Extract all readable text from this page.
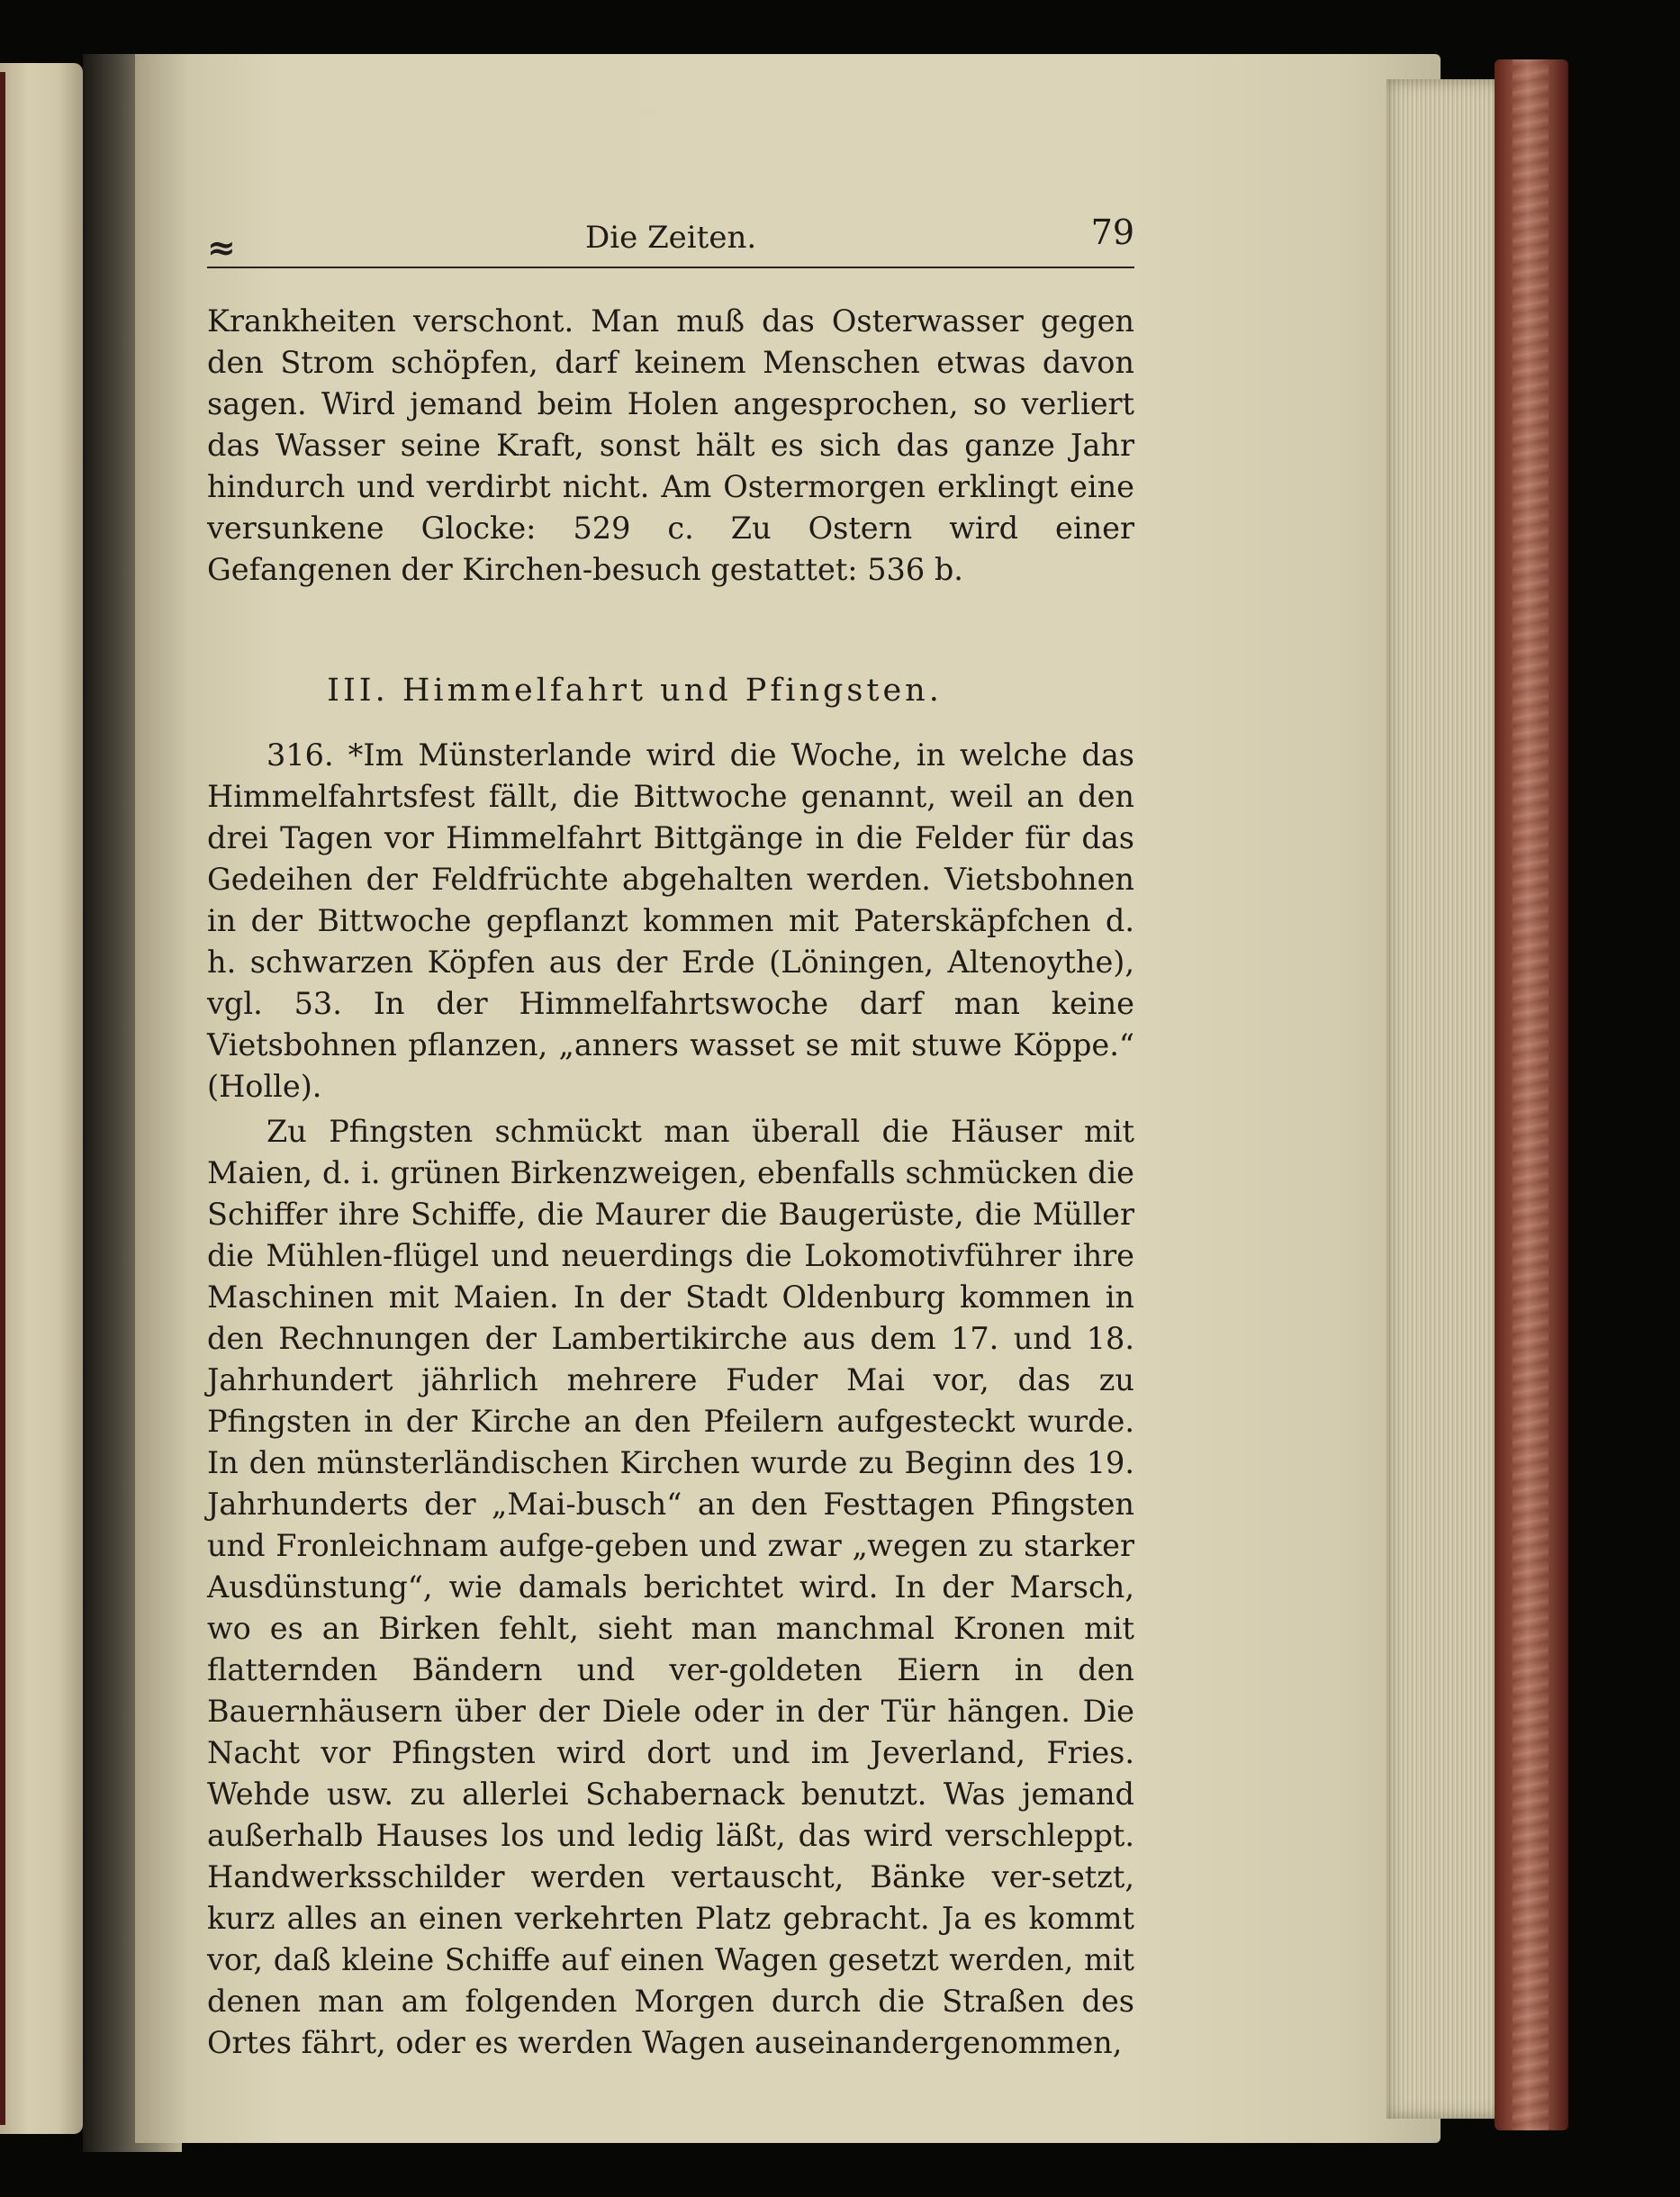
≈	Die Zeiten.	79

Krankheiten verschont. Man muß das Osterwasser gegen den Strom schöpfen, darf keinem Menschen etwas davon sagen. Wird jemand beim Holen angesprochen, so verliert das Wasser seine Kraft, sonst hält es sich das ganze Jahr hindurch und verdirbt nicht. Am Ostermorgen erklingt eine versunkene Glocke: 529 c. Zu Ostern wird einer Gefangenen der Kirchen-besuch gestattet: 536 b.

III. Himmelfahrt und Pfingsten.

316. *Im Münsterlande wird die Woche, in welche das Himmelfahrtsfest fällt, die Bittwoche genannt, weil an den drei Tagen vor Himmelfahrt Bittgänge in die Felder für das Gedeihen der Feldfrüchte abgehalten werden. Vietsbohnen in der Bittwoche gepflanzt kommen mit Paterskäpfchen d. h. schwarzen Köpfen aus der Erde (Löningen, Altenoythe), vgl. 53. In der Himmelfahrtswoche darf man keine Vietsbohnen pflanzen, „anners wasset se mit stuwe Köppe.“ (Holle).

Zu Pfingsten schmückt man überall die Häuser mit Maien, d. i. grünen Birkenzweigen, ebenfalls schmücken die Schiffer ihre Schiffe, die Maurer die Baugerüste, die Müller die Mühlen-flügel und neuerdings die Lokomotivführer ihre Maschinen mit Maien. In der Stadt Oldenburg kommen in den Rechnungen der Lambertikirche aus dem 17. und 18. Jahrhundert jährlich mehrere Fuder Mai vor, das zu Pfingsten in der Kirche an den Pfeilern aufgesteckt wurde. In den münsterländischen Kirchen wurde zu Beginn des 19. Jahrhunderts der „Mai-busch“ an den Festtagen Pfingsten und Fronleichnam aufge-geben und zwar „wegen zu starker Ausdünstung“, wie damals berichtet wird. In der Marsch, wo es an Birken fehlt, sieht man manchmal Kronen mit flatternden Bändern und ver-goldeten Eiern in den Bauernhäusern über der Diele oder in der Tür hängen. Die Nacht vor Pfingsten wird dort und im Jeverland, Fries. Wehde usw. zu allerlei Schabernack benutzt. Was jemand außerhalb Hauses los und ledig läßt, das wird verschleppt. Handwerksschilder werden vertauscht, Bänke ver-setzt, kurz alles an einen verkehrten Platz gebracht. Ja es kommt vor, daß kleine Schiffe auf einen Wagen gesetzt werden, mit denen man am folgenden Morgen durch die Straßen des Ortes fährt, oder es werden Wagen auseinandergenommen,
